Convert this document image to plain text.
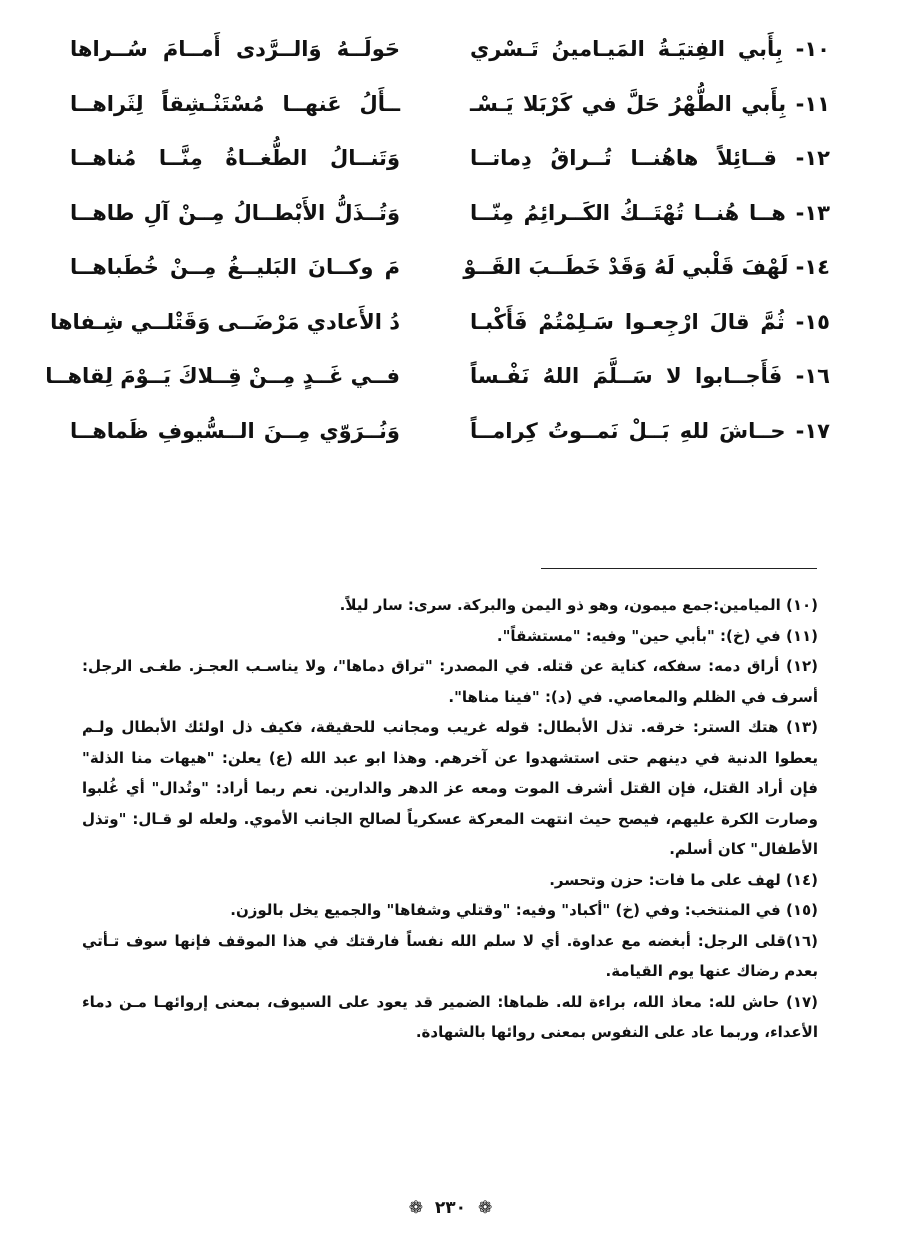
١٠- بِأَبي الفِتيَـةُ المَيـامينُ تَـسْري
حَولَــهُ وَالــرَّدى أَمــامَ سُــراها
١١- بِأَبي الطُّهْرُ حَلَّ في كَرْبَلا يَـسْـ
ــأَلُ عَنهــا مُسْتَنْـشِقاً لِثَراهــا
١٢- قــائِلاً هاهُنــا تُــراقُ دِماتــا
وَتَنــالُ الطُّغــاةُ مِنَّــا مُناهــا
١٣- هــا هُنــا تُهْتَــكُ الكَــرائِمُ مِنّــا
وَتُــذَلُّ الأَبْطــالُ مِــنْ آلِ طاهــا
١٤- لَهْفَ قَلْبي لَهُ وَقَدْ خَطَــبَ القَــوْ
مَ وكــانَ البَليــغُ مِــنْ خُطَباهــا
١٥- ثُمَّ قالَ ارْجِعـوا سَـلِمْتُمْ فَأَكْبـا
دُ الأَعادي مَرْضَــى وَقَتْلــي شِـفاها
١٦- فَأَجــابوا لا سَــلَّمَ اللهُ نَفْـساً
فــي غَــدٍ مِــنْ قِــلاكَ يَــوْمَ لِقاهــا
١٧- حــاشَ للهِ بَــلْ نَمــوتُ كِرامــاً
وَنُــرَوّي مِــنَ الــسُّيوفِ ظَماهــا

(١٠) الميامين:جمع ميمون، وهو ذو اليمن والبركة. سرى: سار ليلاً.

(١١) في (خ): "بأبي حين" وفيه: "مستشقاً".

(١٢) أراق دمه: سفكه، كناية عن قتله. في المصدر: "تراق دماها"، ولا يناسـب العجـز. طغـى الرجل: أسرف في الظلم والمعاصي. في (د): "فينا مناها".

(١٣) هتك الستر: خرقه. تذل الأبطال: قوله غريب ومجانب للحقيقة، فكيف ذل اولئك الأبطال ولـم يعطوا الدنية في دينهم حتى استشهدوا عن آخرهم. وهذا ابو عبد الله (ع) يعلن: "هيهات منا الذلة" فإن أراد القتل، فإن القتل أشرف الموت ومعه عز الدهر والدارين. نعم ربما أراد: "وتُدال" أي غُلبوا وصارت الكرة عليهم، فيصح حيث انتهت المعركة عسكرياً لصالح الجانب الأموي. ولعله لو قـال: "وتذل الأطفال" كان أسلم.

(١٤) لهف على ما فات: حزن وتحسر.

(١٥) في المنتخب: وفي (خ) "أكباد" وفيه: "وقتلي وشفاها" والجميع يخل بالوزن.

(١٦)قلى الرجل: أبغضه مع عداوة. أي لا سلم الله نفساً فارقتك في هذا الموقف فإنها سوف تـأتي بعدم رضاك عنها يوم القيامة.

(١٧) حاش لله: معاذ الله، براءة لله. ظماها: الضمير قد يعود على السيوف، بمعنى إروائهـا مـن دماء الأعداء، وربما عاد على النفوس بمعنى روائها بالشهادة.

❁ ٢٣٠ ❁
